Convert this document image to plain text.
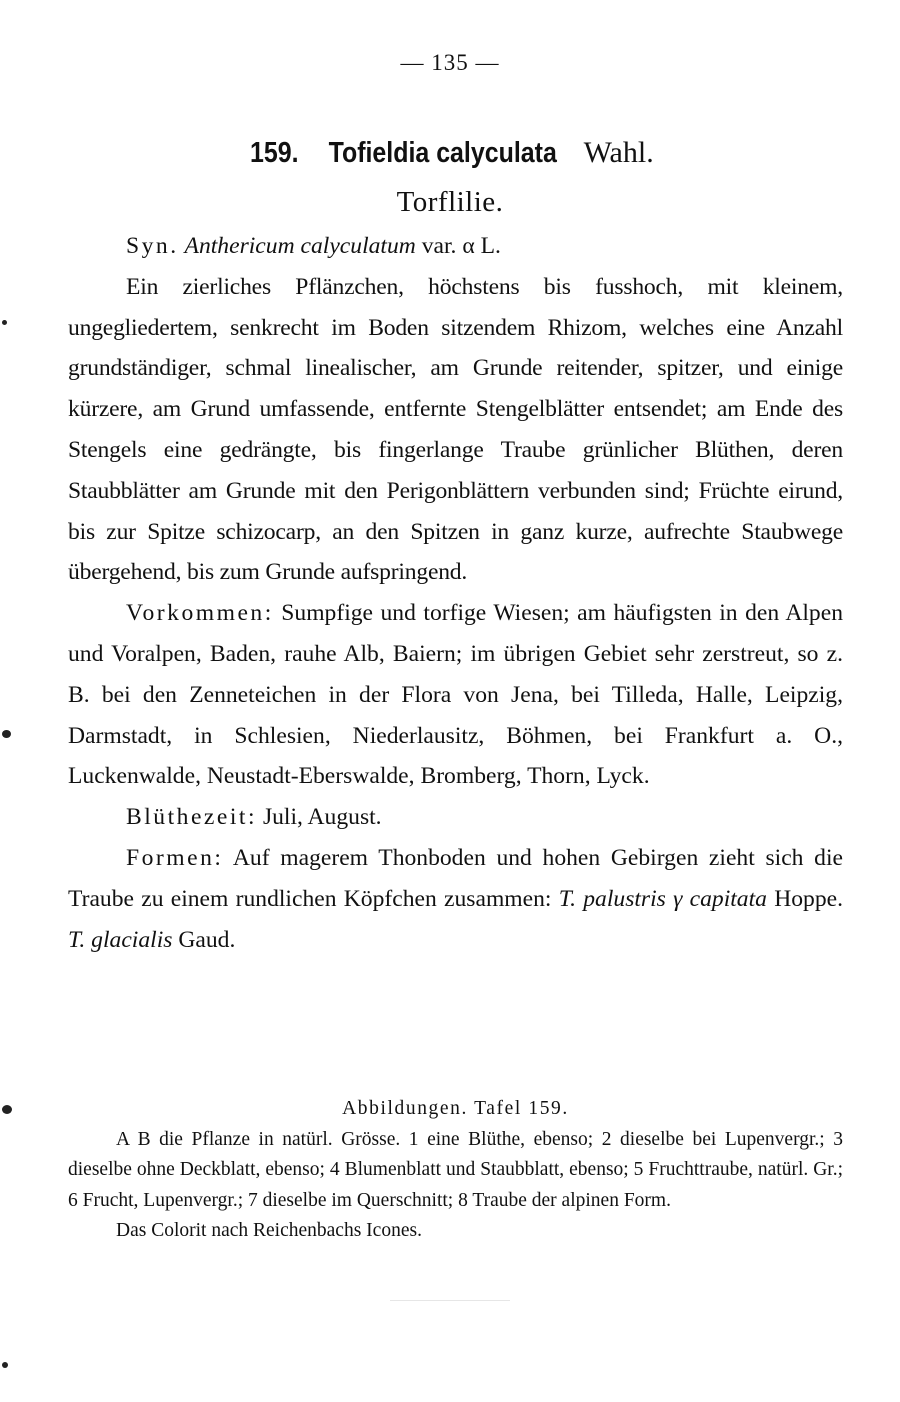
— 135 —
159. Tofieldia calyculata Wahl.
Torflilie.

Syn. Anthericum calyculatum var. α L.

Ein zierliches Pflänzchen, höchstens bis fusshoch, mit kleinem, ungegliedertem, senkrecht im Boden sitzendem Rhizom, welches eine Anzahl grundständiger, schmal linealischer, am Grunde reitender, spitzer, und einige kürzere, am Grund umfassende, entfernte Stengelblätter entsendet; am Ende des Stengels eine gedrängte, bis fingerlange Traube grünlicher Blüthen, deren Staubblätter am Grunde mit den Perigonblättern verbunden sind; Früchte eirund, bis zur Spitze schizocarp, an den Spitzen in ganz kurze, aufrechte Staubwege übergehend, bis zum Grunde aufspringend.

Vorkommen: Sumpfige und torfige Wiesen; am häufigsten in den Alpen und Voralpen, Baden, rauhe Alb, Baiern; im übrigen Gebiet sehr zerstreut, so z. B. bei den Zenneteichen in der Flora von Jena, bei Tilleda, Halle, Leipzig, Darmstadt, in Schlesien, Niederlausitz, Böhmen, bei Frankfurt a. O., Luckenwalde, Neustadt-Eberswalde, Bromberg, Thorn, Lyck.

Blüthezeit: Juli, August.

Formen: Auf magerem Thonboden und hohen Gebirgen zieht sich die Traube zu einem rundlichen Köpfchen zusammen: T. palustris γ capitata Hoppe. T. glacialis Gaud.

Abbildungen. Tafel 159.

A B die Pflanze in natürl. Grösse. 1 eine Blüthe, ebenso; 2 dieselbe bei Lupenvergr.; 3 dieselbe ohne Deckblatt, ebenso; 4 Blumenblatt und Staubblatt, ebenso; 5 Fruchttraube, natürl. Gr.; 6 Frucht, Lupenvergr.; 7 dieselbe im Querschnitt; 8 Traube der alpinen Form.

Das Colorit nach Reichenbachs Icones.
